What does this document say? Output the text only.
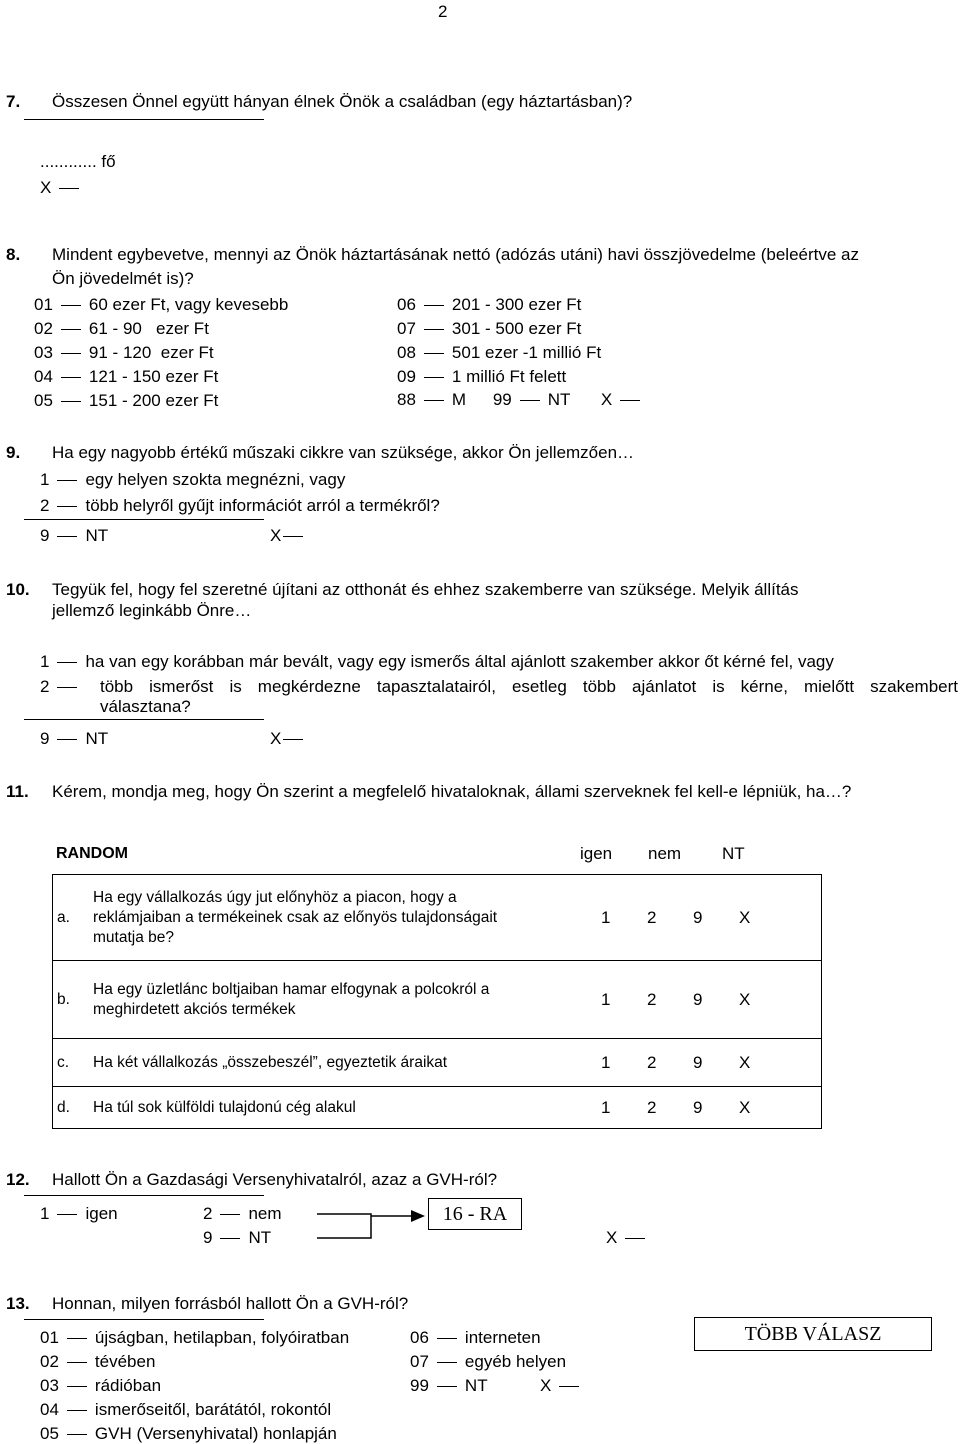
2
7. Összesen Önnel együtt hányan élnek Önök a családban (egy háztartásban)?
............ fő
X
8. Mindent egybevetve, mennyi az Önök háztartásának nettó (adózás utáni) havi összjövedelme (beleértve az
Ön jövedelmét is)?
01 60 ezer Ft, vagy kevesebb
02 61 - 90   ezer Ft
03 91 - 120  ezer Ft
04 121 - 150 ezer Ft
05 151 - 200 ezer Ft
06 201 - 300 ezer Ft
07 301 - 500 ezer Ft
08 501 ezer -1 millió Ft
09 1 millió Ft felett
88 M 99 NT X
9. Ha egy nagyobb értékű műszaki cikkre van szüksége, akkor Ön jellemzően…
1 egy helyen szokta megnézni, vagy
2 több helyről gyűjt információt arról a termékről?
9 NT	X
10. Tegyük fel, hogy fel szeretné újítani az otthonát és ehhez szakemberre van szüksége. Melyik állítás
jellemző leginkább Önre…
1 ha van egy korábban már bevált, vagy egy ismerős által ajánlott szakember akkor őt kérné fel, vagy
2	több ismerőst is megkérdezne tapasztalatairól, esetleg több ajánlatot is kérne, mielőtt szakembert
választana?
9 NT	X
11. Kérem, mondja meg, hogy Ön szerint a megfelelő hivataloknak, állami szerveknek fel kell-e lépniük, ha…?
RANDOM	igen nem NT
a.	Ha egy vállalkozás úgy jut előnyhöz a piacon, hogy a
reklámjaiban a termékeinek csak az előnyös tulajdonságait
mutatja be?	1 2 9 X
b.	Ha egy üzletlánc boltjaiban hamar elfogynak a polcokról a
meghirdetett akciós termékek	1 2 9 X
c.	Ha két vállalkozás „összebeszél”, egyeztetik áraikat	1 2 9 X
d.	Ha túl sok külföldi tulajdonú cég alakul	1 2 9 X
12. Hallott Ön a Gazdasági Versenyhivatalról, azaz a GVH-ról?
1 igen	2 nem
9 NT
16 - RA
X
13. Honnan, milyen forrásból hallott Ön a GVH-ról?
01 újságban, hetilapban, folyóiratban
02 tévében
03 rádióban
04 ismerőseitől, barátától, rokontól
05 GVH (Versenyhivatal) honlapján
06 interneten
07 egyéb helyen
99 NT	X
TÖBB VÁLASZ
